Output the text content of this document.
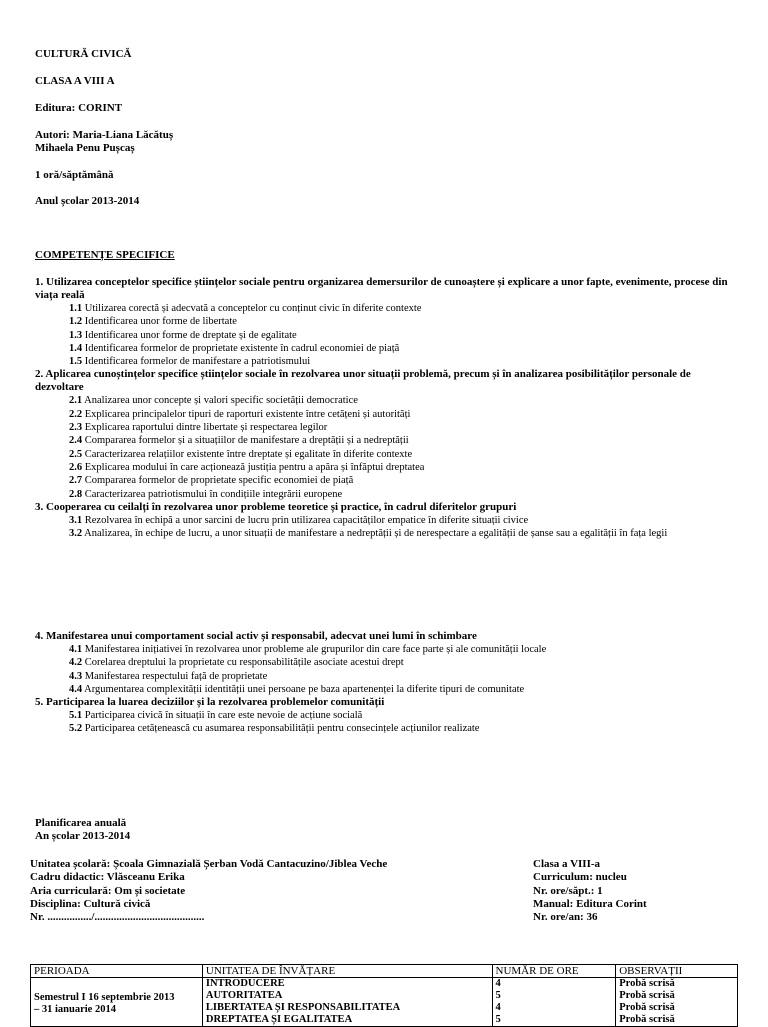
CULTURĂ CIVICĂ
CLASA A VIII A
Editura: CORINT
Autori: Maria-Liana Lăcătuș
Mihaela Penu Pușcaș
1 oră/săptămână
Anul școlar 2013-2014
COMPETENȚE SPECIFICE
1. Utilizarea conceptelor specifice științelor sociale pentru organizarea demersurilor de cunoaștere și explicare a unor fapte, evenimente, procese din viața reală
1.1 Utilizarea corectă și adecvată a conceptelor cu conținut civic în diferite contexte
1.2 Identificarea unor forme de libertate
1.3 Identificarea unor forme de dreptate și de egalitate
1.4 Identificarea formelor de proprietate existente în cadrul economiei de piață
1.5 Identificarea formelor de manifestare a patriotismului
2. Aplicarea cunoștințelor specifice științelor sociale în rezolvarea unor situații problemă, precum și în analizarea posibilităților personale de dezvoltare
2.1 Analizarea unor concepte și valori specific societății democratice
2.2 Explicarea principalelor tipuri de raporturi existente între cetățeni și autorități
2.3 Explicarea raportului dintre libertate și respectarea legilor
2.4 Compararea formelor și a situațiilor de manifestare a dreptății și a nedreptății
2.5 Caracterizarea relațiilor existente între dreptate și egalitate în diferite contexte
2.6 Explicarea modului în care acționează justiția pentru a apăra și înfăptui dreptatea
2.7 Compararea formelor de proprietate specific economiei de piață
2.8 Caracterizarea patriotismului în condițiile integrării europene
3. Cooperarea cu ceilalți în rezolvarea unor probleme teoretice și practice, în cadrul diferitelor grupuri
3.1 Rezolvarea în echipă a unor sarcini de lucru prin utilizarea capacităților empatice în diferite situații civice
3.2 Analizarea, în echipe de lucru, a unor situații de manifestare a nedreptății și de nerespectare a egalității de șanse sau a egalității în fața legii
4. Manifestarea unui comportament social activ și responsabil, adecvat unei lumi în schimbare
4.1 Manifestarea inițiativei în rezolvarea unor probleme ale grupurilor din care face parte și ale comunității locale
4.2 Corelarea dreptului la proprietate cu responsabilitățile asociate acestui drept
4.3 Manifestarea respectului față de proprietate
4.4 Argumentarea complexității identității unei persoane pe baza apartenenței la diferite tipuri de comunitate
5. Participarea la luarea deciziilor și la rezolvarea problemelor comunității
5.1 Participarea civică în situații în care este nevoie de acțiune socială
5.2 Participarea cetățenească cu asumarea responsabilității pentru consecințele acțiunilor realizate
Planificarea anuală
An școlar 2013-2014
Unitatea școlară: Școala Gimnazială Șerban Vodă Cantacuzino/Jiblea Veche
Cadru didactic: Vlăsceanu Erika
Aria curriculară: Om și societate
Disciplina: Cultură civică
Nr. ................/........................................
Clasa a VIII-a
Curriculum: nucleu
Nr. ore/săpt.: 1
Manual: Editura Corint
Nr. ore/an: 36
PERIOADA	UNITATEA DE ÎNVĂȚARE	NUMĂR DE ORE	OBSERVAȚII

Semestrul I 16 septembrie 2013
– 31 ianuarie 2014	INTRODUCERE
AUTORITATEA
LIBERTATEA ȘI RESPONSABILITATEA
DREPTATEA ȘI EGALITATEA	4
5
4
5	Probă scrisă
Probă scrisă
Probă scrisă
Probă scrisă
